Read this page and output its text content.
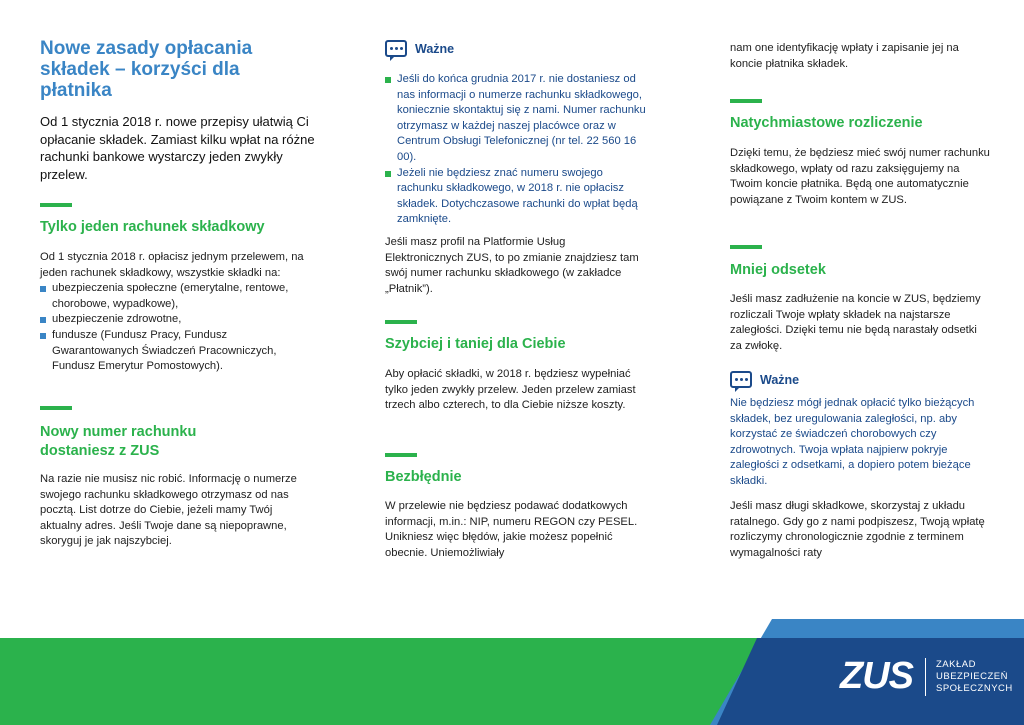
Nowe zasady opłacania składek – korzyści dla płatnika

Od 1 stycznia 2018 r. nowe przepisy ułatwią Ci opłacanie składek. Zamiast kilku wpłat na różne rachunki bankowe wystarczy jeden zwykły przelew.

Tylko jeden rachunek składkowy

Od 1 stycznia 2018 r. opłacisz jednym przelewem, na jeden rachunek składkowy, wszystkie składki na:

ubezpieczenia społeczne (emerytalne, rentowe, chorobowe, wypadkowe),
ubezpieczenie zdrowotne,
fundusze (Fundusz Pracy, Fundusz Gwarantowanych Świadczeń Pracowniczych, Fundusz Emerytur Pomostowych).
Nowy numer rachunku dostaniesz z ZUS

Na razie nie musisz nic robić. Informację o numerze swojego rachunku składkowego otrzymasz od nas pocztą. List dotrze do Ciebie, jeżeli mamy Twój aktualny adres. Jeśli Twoje dane są niepoprawne, skoryguj je jak najszybciej.

Ważne
Jeśli do końca grudnia 2017 r. nie dostaniesz od nas informacji o numerze rachunku składkowego, koniecznie skontaktuj się z nami. Numer rachunku otrzymasz w każdej naszej placówce oraz w Centrum Obsługi Telefonicznej (nr tel. 22 560 16 00).
Jeżeli nie będziesz znać numeru swojego rachunku składkowego, w 2018 r. nie opłacisz składek. Dotychczasowe rachunki do wpłat będą zamknięte.

Jeśli masz profil na Platformie Usług Elektronicznych ZUS, to po zmianie znajdziesz tam swój numer rachunku składkowego (w zakładce „Płatnik”).

Szybciej i taniej dla Ciebie

Aby opłacić składki, w 2018 r. będziesz wypełniać tylko jeden zwykły przelew. Jeden przelew zamiast trzech albo czterech, to dla Ciebie niższe koszty.

Bezbłędnie

W przelewie nie będziesz podawać dodatkowych informacji, m.in.: NIP, numeru REGON czy PESEL. Unikniesz więc błędów, jakie możesz popełnić obecnie. Uniemożliwiały

nam one identyfikację wpłaty i zapisanie jej na koncie płatnika składek.

Natychmiastowe rozliczenie

Dzięki temu, że będziesz mieć swój numer rachunku składkowego, wpłaty od razu zaksięgujemy na Twoim koncie płatnika. Będą one automatycznie powiązane z Twoim kontem w ZUS.

Mniej odsetek

Jeśli masz zadłużenie na koncie w ZUS, będziemy rozliczali Twoje wpłaty składek na najstarsze zaległości. Dzięki temu nie będą narastały odsetki za zwłokę.

Ważne

Nie będziesz mógł jednak opłacić tylko bieżących składek, bez uregulowania zaległości, np. aby korzystać ze świadczeń chorobowych czy zdrowotnych. Twoja wpłata najpierw pokryje zaległości z odsetkami, a dopiero potem bieżące składki.

Jeśli masz długi składkowe, skorzystaj z układu ratalnego. Gdy go z nami podpiszesz, Twoją wpłatę rozliczymy chronologicznie zgodnie z terminem wymagalności raty

ZUS ZAKŁAD
UBEZPIECZEŃ
SPOŁECZNYCH
